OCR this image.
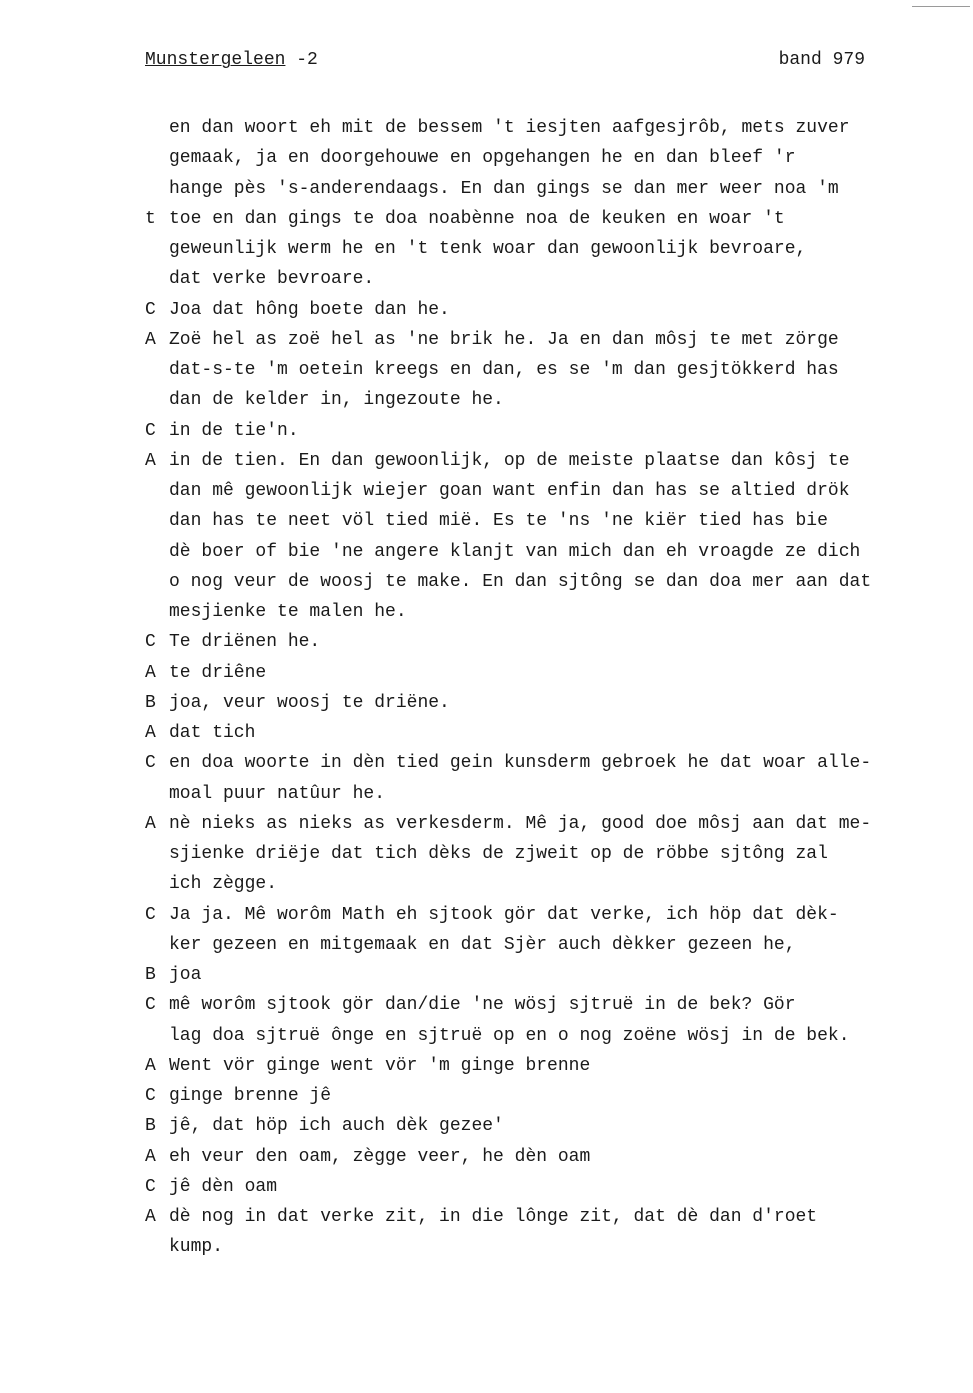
Munstergeleen -2	band 979
en dan woort eh mit de bessem 't iesjten aafgesjrôb, mets zuver
gemaak, ja en doorgehouwe en opgehangen he en dan bleef 'r
hange pès 's-anderendaags. En dan gings se dan mer weer noa 'm
t toe en dan gings te doa noabènne noa de keuken en woar 't
geweunlijk werm he en 't tenk woar dan gewoonlijk bevroare,
dat verke bevroare.
C Joa dat hông boete dan he.
A Zoë hel as zoë hel as 'ne brik he. Ja en dan môsj te met zörge
dat-s-te 'm oetein kreegs en dan, es se 'm dan gesjtökkerd has
dan de kelder in, ingezoute he.
C in de tie'n.
A in de tien. En dan gewoonlijk, op de meiste plaatse dan kôsj te
dan mê gewoonlijk wiejer goan want enfin dan has se altied drök
dan has te neet völ tied mië. Es te 'ns 'ne kiër tied has bie
dè boer of bie 'ne angere klanjt van mich dan eh vroagde ze dich
o nog veur de woosj te make. En dan sjtông se dan doa mer aan dat
mesjienke te malen he.
C Te driënen he.
A te driêne
B joa, veur woosj te driëne.
A dat tich
C en doa woorte in dèn tied gein kunsderm gebroek he dat woar alle-
moal puur natûur he.
A nè nieks as nieks as verkesderm. Mê ja, good doe môsj aan dat me-
sjienke driëje dat tich dèks de zjweit op de röbbe sjtông zal
ich zègge.
C Ja ja. Mê worôm Math eh sjtook gör dat verke, ich höp dat dèk-
ker gezeen en mitgemaak en dat Sjèr auch dèkker gezeen he,
B joa
C mê worôm sjtook gör dan/die 'ne wösj sjtruë in de bek? Gör
lag doa sjtruë ônge en sjtruë op en o nog zoëne wösj in de bek.
A Went vör ginge went vör 'm ginge brenne
C ginge brenne jê
B jê, dat höp ich auch dèk gezee'
A eh veur den oam, zègge veer, he dèn oam
C jê dèn oam
A dè nog in dat verke zit, in die lônge zit, dat dè dan d'roet
kump.
